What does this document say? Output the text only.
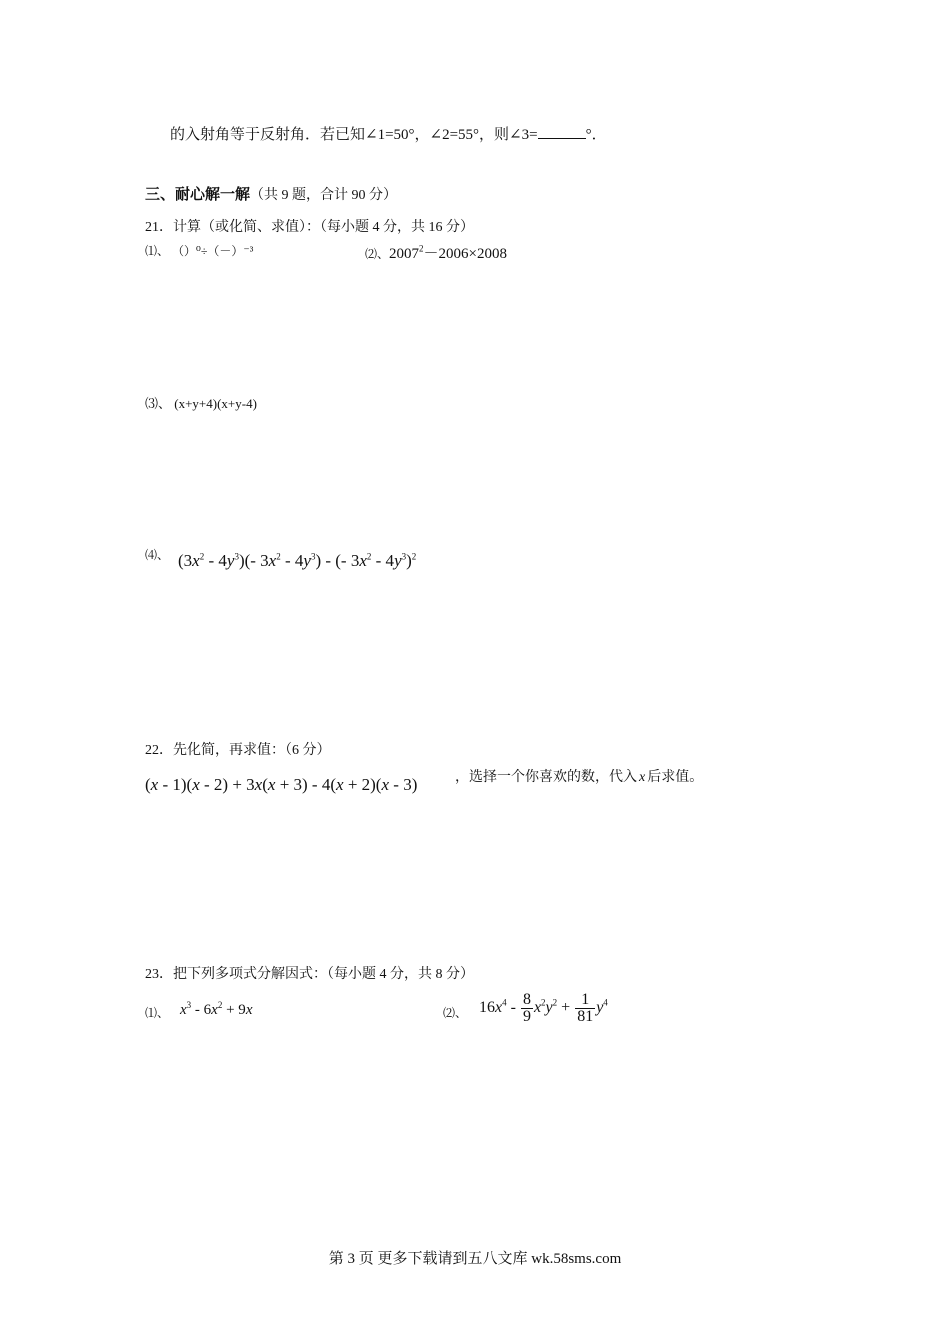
的入射角等于反射角．若已知∠1=50°，∠2=55°，则∠3=	°．
三、耐心解一解（共 9 题，合计 90 分）
21．计算（或化简、求值）：（每小题 4 分，共 16 分）
⑴、 （）⁰÷（－）⁻³	⑵、$2007^2-2006\times 2008$
⑶、 (x+y+4)(x+y-4)
⑷、 $(3x^2 - 4y^3)(-$ $3x^2 - 4y^3$) - (- $3x^2 - 4y^3)^2$
22．先化简，再求值：（6 分）
(x - 1)(x - 2) + 3x(x + 3) - 4(x + 2)(x - 3)	，选择一个你喜欢的数，代入 x 后求值。
23．把下列多项式分解因式：（每小题 4 分，共 8 分）
⑴、 $x^3 - 6x^2 + 9x$	⑵、 $16x^4 - \frac{8}{9} x^2y^2 + \frac{1}{81} y^4$
第 3 页 更多下载请到五八文库 wk.58sms.com
